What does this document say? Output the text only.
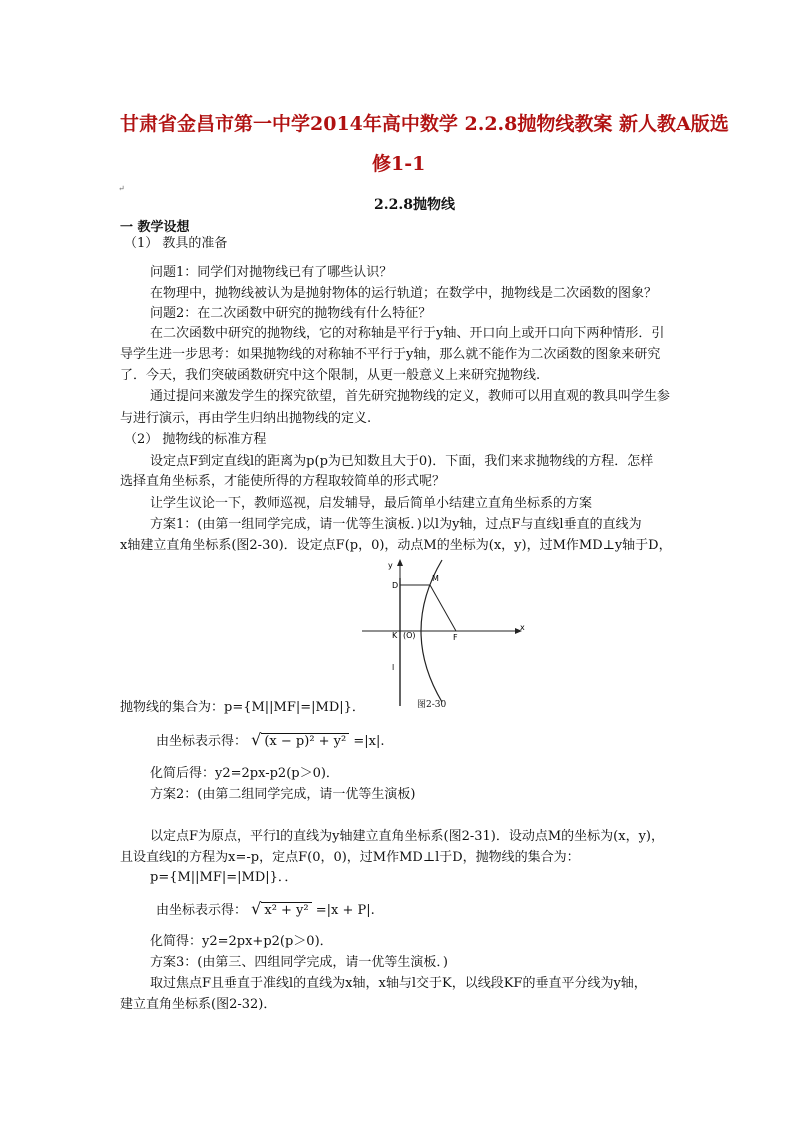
甘肃省金昌市第一中学2014年高中数学 2.2.8抛物线教案 新人教A版选
修1-1
↵
2.2.8抛物线
一 教学设想
（1） 教具的准备
问题1：同学们对抛物线已有了哪些认识？
在物理中，抛物线被认为是抛射物体的运行轨道；在数学中，抛物线是二次函数的图象？
问题2：在二次函数中研究的抛物线有什么特征？
在二次函数中研究的抛物线，它的对称轴是平行于y轴、开口向上或开口向下两种情形．引
导学生进一步思考：如果抛物线的对称轴不平行于y轴，那么就不能作为二次函数的图象来研究
了．今天，我们突破函数研究中这个限制，从更一般意义上来研究抛物线.
通过提问来激发学生的探究欲望，首先研究抛物线的定义，教师可以用直观的教具叫学生参
与进行演示，再由学生归纳出抛物线的定义.
（2） 抛物线的标准方程
设定点F到定直线l的距离为p(p为已知数且大于0)．下面，我们来求抛物线的方程．怎样
选择直角坐标系，才能使所得的方程取较简单的形式呢？
让学生议论一下，教师巡视，启发辅导，最后简单小结建立直角坐标系的方案
方案1：(由第一组同学完成，请一优等生演板．)以l为y轴，过点F与直线l垂直的直线为
x轴建立直角坐标系(图2-30)．设定点F(p，0)，动点M的坐标为(x，y)，过M作MD⊥y轴于D，
y
x
D
M
K (O)	F
l
图2-30
抛物线的集合为：p={M||MF|=|MD|}．
由坐标表示得： √ (x − p)² + y² =|x|.
化简后得：y2=2px-p2(p＞0)．
方案2：(由第二组同学完成，请一优等生演板)
以定点F为原点，平行l的直线为y轴建立直角坐标系(图2-31)．设动点M的坐标为(x，y)，
且设直线l的方程为x=-p，定点F(0，0)，过M作MD⊥l于D，抛物线的集合为：
p={M||MF|=|MD|}．．
由坐标表示得： √ x² + y² =|x + P|.
化简得：y2=2px+p2(p＞0)．
方案3：(由第三、四组同学完成，请一优等生演板．)
取过焦点F且垂直于准线l的直线为x轴，x轴与l交于K，以线段KF的垂直平分线为y轴，
建立直角坐标系(图2-32)．
